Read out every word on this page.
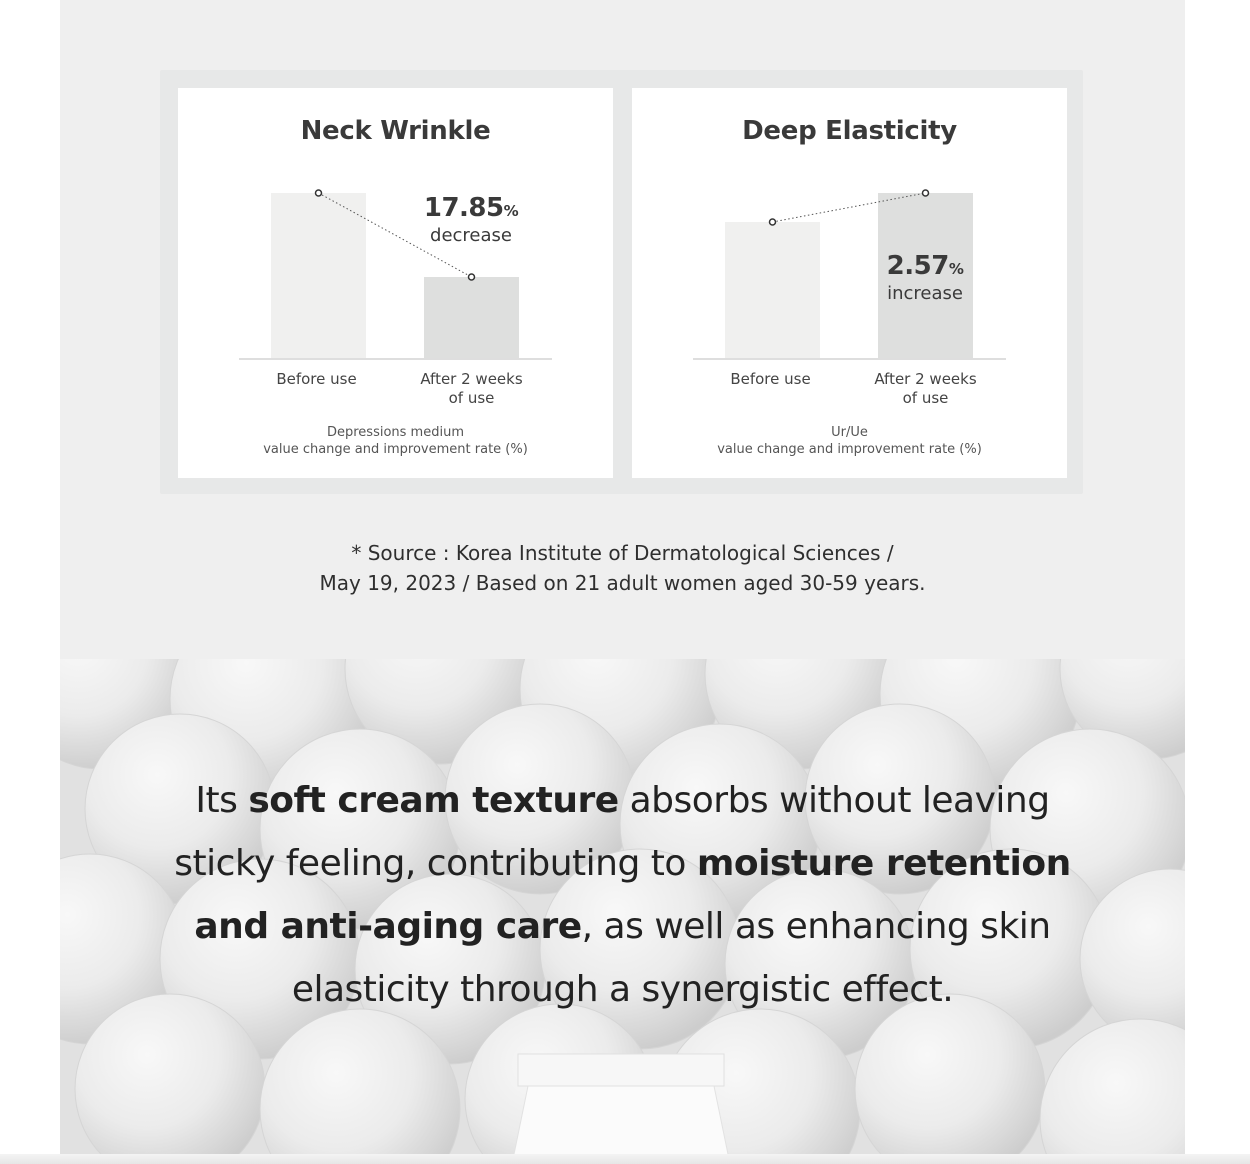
Neck Wrinkle
17.85%
decrease
Before use	After 2 weeks
of use
Depressions medium
value change and improvement rate (%)
Deep Elasticity
2.57%
increase
Before use	After 2 weeks
of use
Ur/Ue
value change and improvement rate (%)
* Source : Korea Institute of Dermatological Sciences /
May 19, 2023 / Based on 21 adult women aged 30-59 years.
Its soft cream texture absorbs without leaving
sticky feeling, contributing to moisture retention
and anti-aging care, as well as enhancing skin
elasticity through a synergistic effect.
